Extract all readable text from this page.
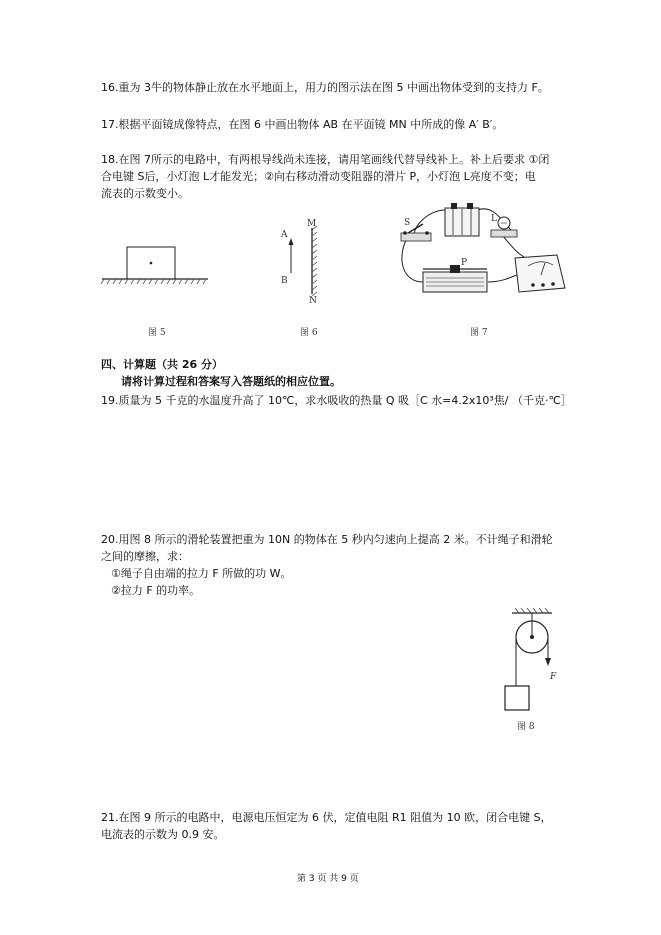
16.重为 3牛的物体静止放在水平地面上，用力的图示法在图 5 中画出物体受到的支持力 F。
17.根据平面镜成像特点，在图 6 中画出物体 AB 在平面镜 MN 中所成的像 A′ B′。
18.在图 7所示的电路中，有两根导线尚未连接，请用笔画线代替导线补上。补上后要求 ①闭
合电键 S后，小灯泡 L才能发光；②向右移动滑动变阻器的滑片 P，小灯泡 L亮度不变；电
流表的示数变小。
图 5
A
B
M
N
图 6
S	L
P
图 7
四、计算题（共 26 分）
请将计算过程和答案写入答题纸的相应位置。
19.质量为 5 千克的水温度升高了 10℃，求水吸收的热量 Q 吸［C 水=4.2x10³焦/ （千克·℃］
20.用图 8 所示的滑轮装置把重为 10N 的物体在 5 秒内匀速向上提高 2 米。不计绳子和滑轮
之间的摩擦，求：
①绳子自由端的拉力 F 所做的功 W。
②拉力 F 的功率。
F
图 8
21.在图 9 所示的电路中，电源电压恒定为 6 伏，定值电阻 R1 阻值为 10 欧，闭合电键 S，
电流表的示数为 0.9 安。
第 3 页 共 9 页
